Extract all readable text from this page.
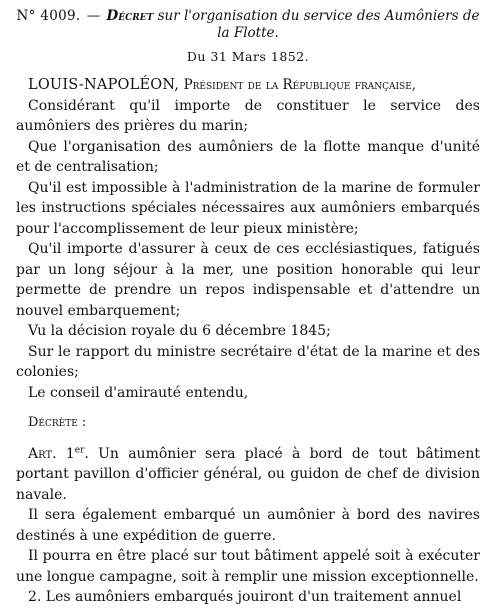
N° 4009. — Décret sur l'organisation du service des Aumôniers de la Flotte.
Du 31 Mars 1852.

LOUIS-NAPOLÉON, Président de la République française,

Considérant qu'il importe de constituer le service des aumôniers des prières du marin;

Que l'organisation des aumôniers de la flotte manque d'unité et de centralisation;

Qu'il est impossible à l'administration de la marine de formuler les instructions spéciales nécessaires aux aumôniers embarqués pour l'accomplissement de leur pieux ministère;

Qu'il importe d'assurer à ceux de ces ecclésiastiques, fatigués par un long séjour à la mer, une position honorable qui leur permette de prendre un repos indispensable et d'attendre un nouvel embarquement;

Vu la décision royale du 6 décembre 1845;

Sur le rapport du ministre secrétaire d'état de la marine et des colonies;

Le conseil d'amirauté entendu,

Décrète :

Art. 1er. Un aumônier sera placé à bord de tout bâtiment portant pavillon d'officier général, ou guidon de chef de division navale.

Il sera également embarqué un aumônier à bord des navires destinés à une expédition de guerre.

Il pourra en être placé sur tout bâtiment appelé soit à exécuter une longue campagne, soit à remplir une mission exceptionnelle.

2. Les aumôniers embarqués jouiront d'un traitement annuel
